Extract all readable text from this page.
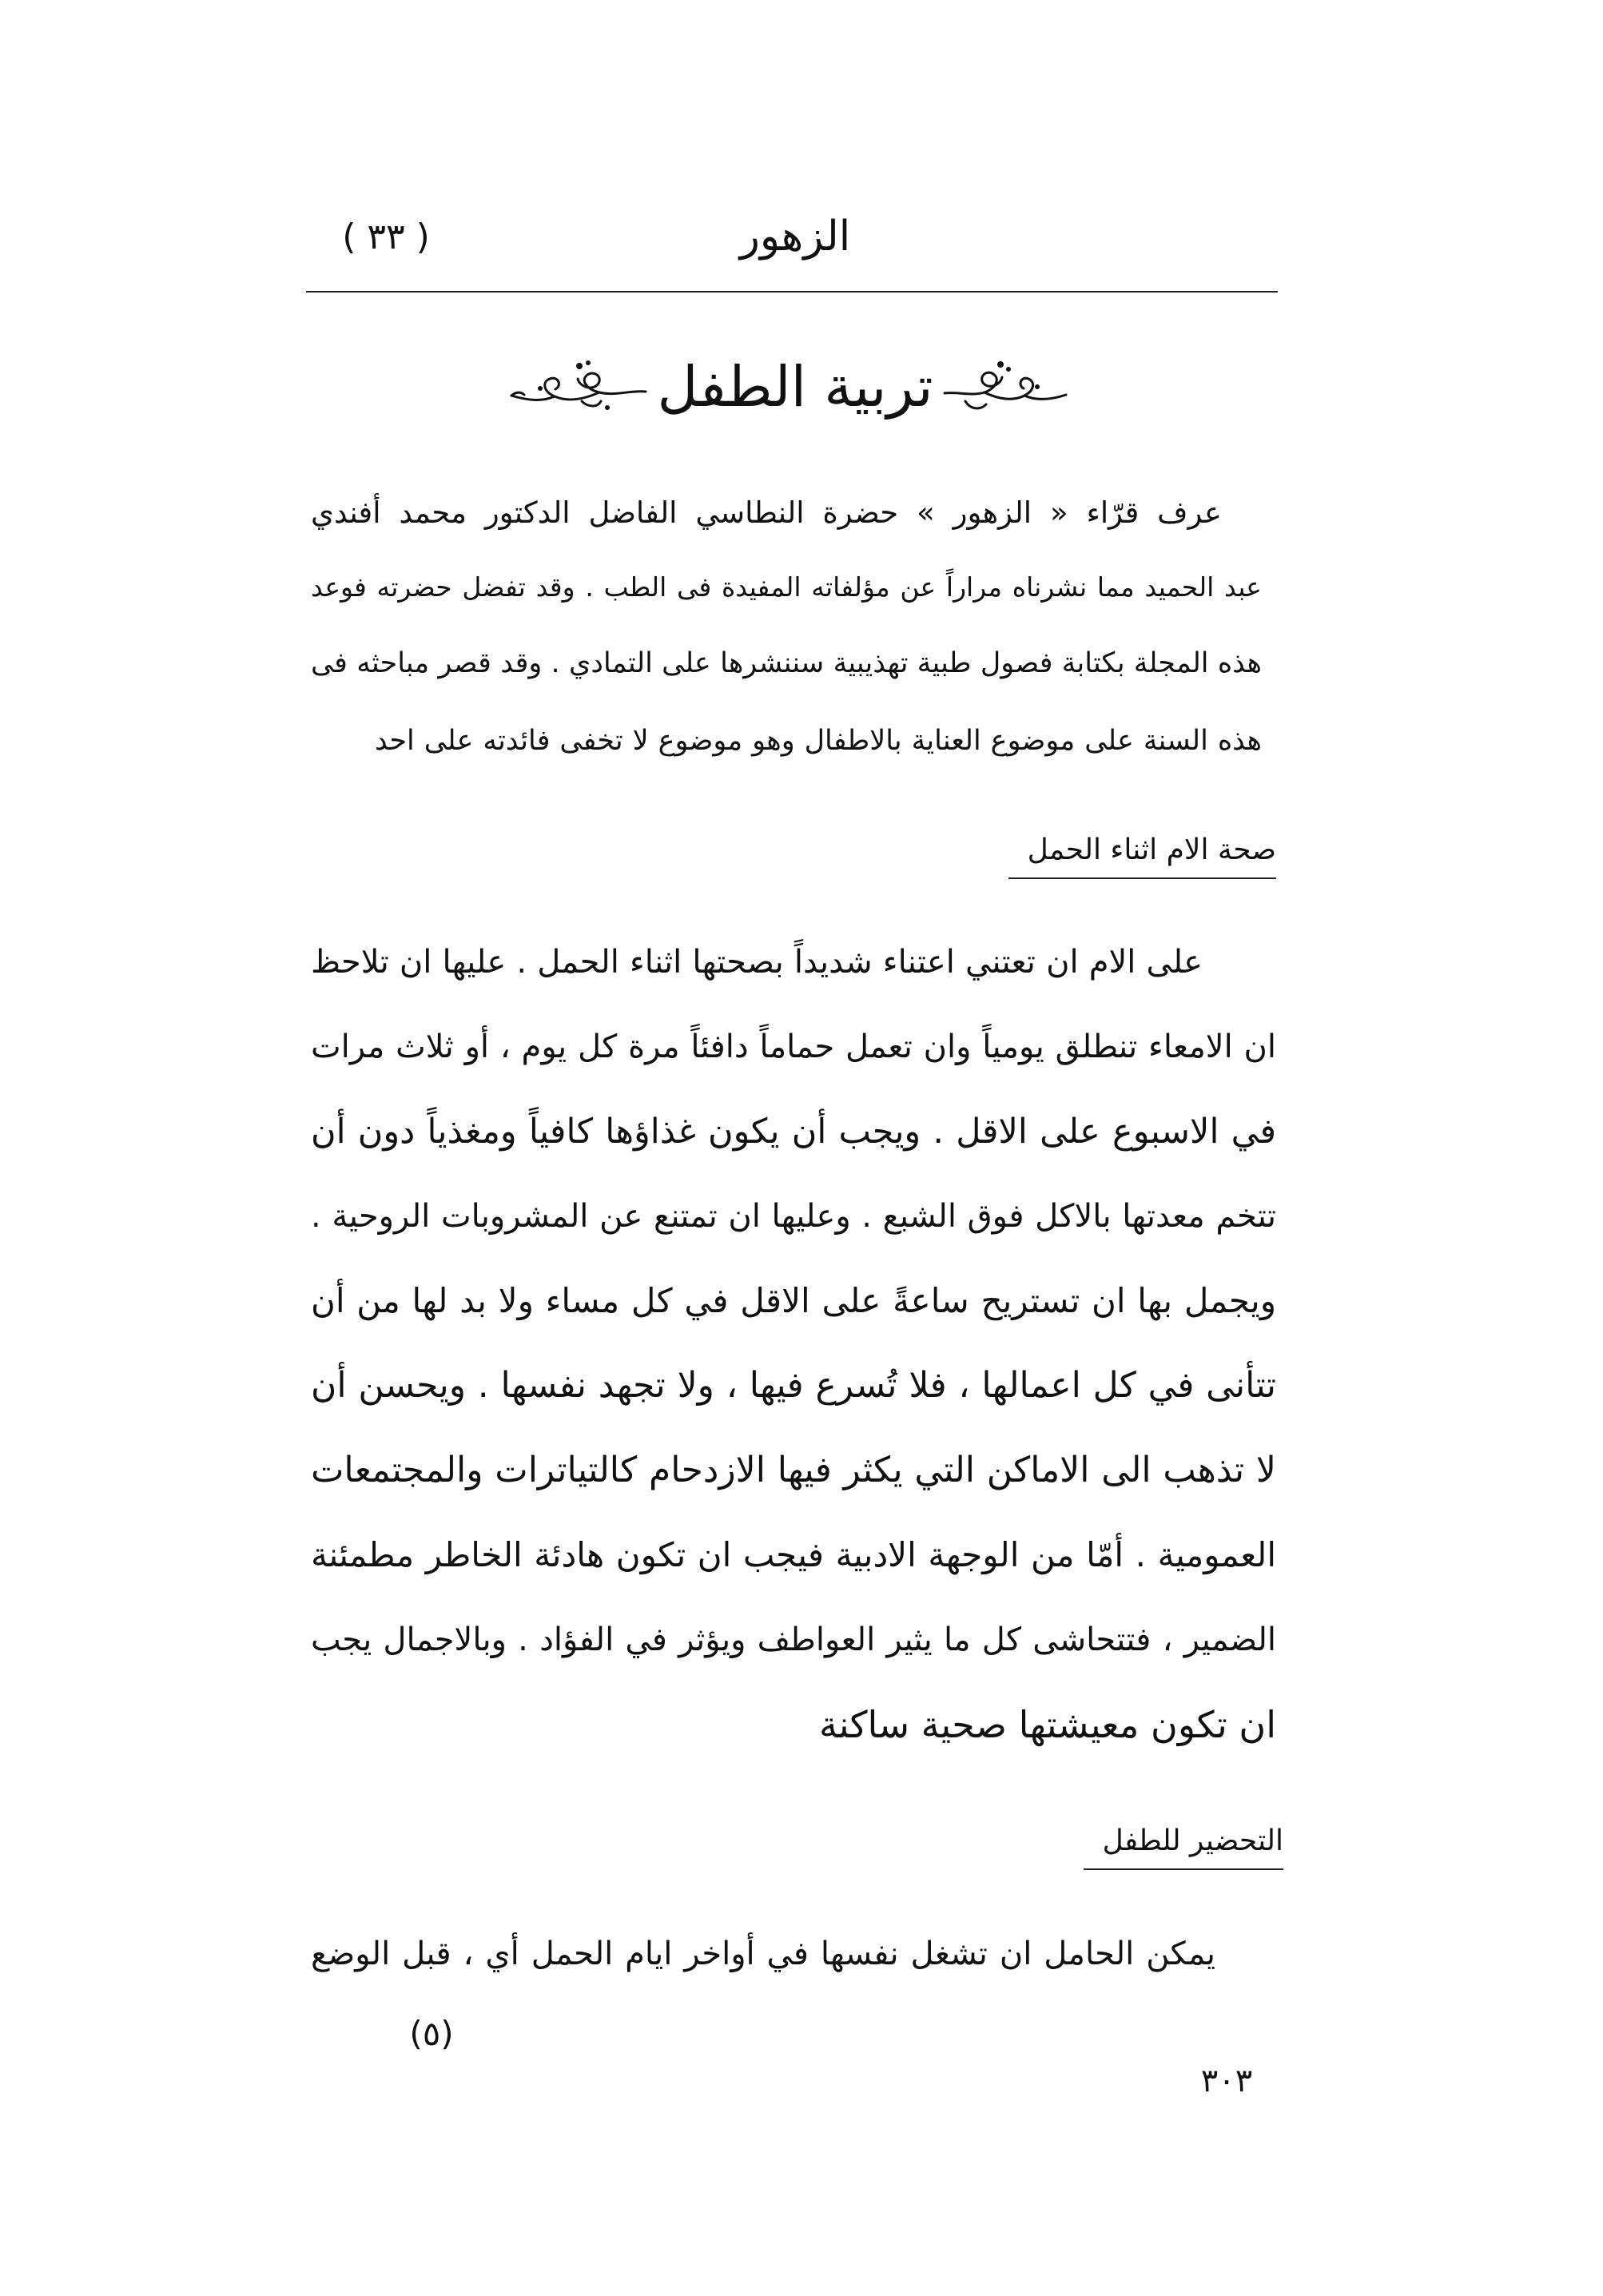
الزهور
( ٣٣ )
تربية الطفل
عرف قرّاء « الزهور » حضرة النطاسي الفاضل الدكتور محمد أفندي
عبد الحميد مما نشرناه مراراً عن مؤلفاته المفيدة فى الطب . وقد تفضل حضرته فوعد
هذه المجلة بكتابة فصول طبية تهذيبية سننشرها على التمادي . وقد قصر مباحثه فى
هذه السنة على موضوع العناية بالاطفال وهو موضوع لا تخفى فائدته على احد
صحة الام اثناء الحمل
على الام ان تعتني اعتناء شديداً بصحتها اثناء الحمل . عليها ان تلاحظ
ان الامعاء تنطلق يومياً وان تعمل حماماً دافئاً مرة كل يوم ، أو ثلاث مرات
في الاسبوع على الاقل . ويجب أن يكون غذاؤها كافياً ومغذياً دون أن
تتخم معدتها بالاكل فوق الشبع . وعليها ان تمتنع عن المشروبات الروحية .
ويجمل بها ان تستريح ساعةً على الاقل في كل مساء ولا بد لها من أن
تتأنى في كل اعمالها ، فلا تُسرع فيها ، ولا تجهد نفسها . ويحسن أن
لا تذهب الى الاماكن التي يكثر فيها الازدحام كالتياترات والمجتمعات
العمومية . أمّا من الوجهة الادبية فيجب ان تكون هادئة الخاطر مطمئنة
الضمير ، فتتحاشى كل ما يثير العواطف ويؤثر في الفؤاد . وبالاجمال يجب
ان تكون معيشتها صحية ساكنة
التحضير للطفل
يمكن الحامل ان تشغل نفسها في أواخر ايام الحمل أي ، قبل الوضع
(٥)
٣٠٣
